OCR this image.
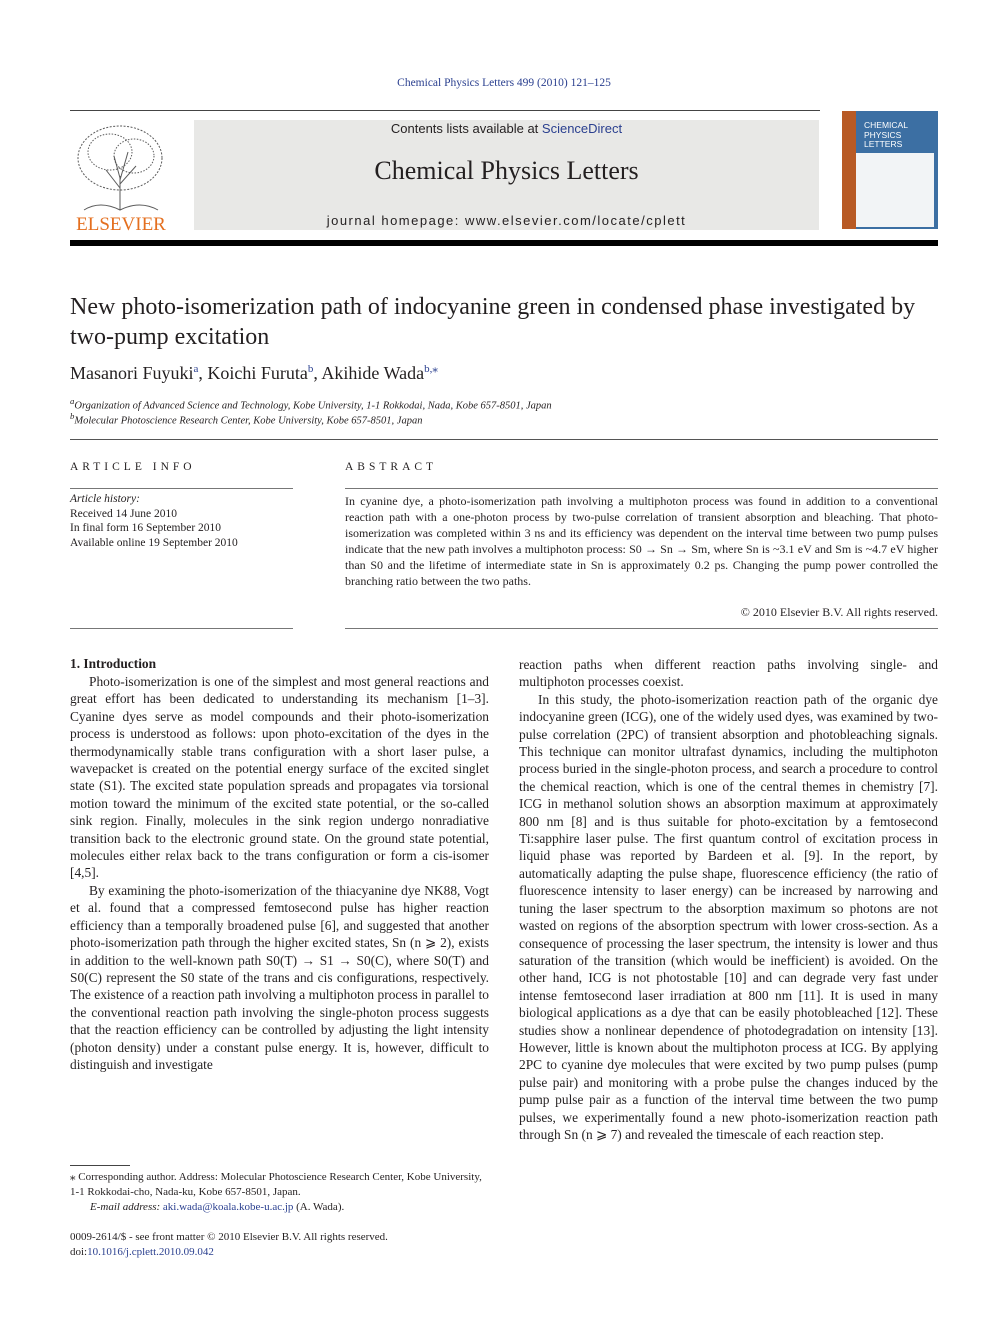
Chemical Physics Letters 499 (2010) 121–125
ELSEVIER
Contents lists available at ScienceDirect
Chemical Physics Letters
journal homepage: www.elsevier.com/locate/cplett
CHEMICAL
PHYSICS
LETTERS
New photo-isomerization path of indocyanine green in condensed phase investigated by two-pump excitation
Masanori Fuyuki$^a$, Koichi Furuta$^b$, Akihide Wada$^{b,⁎}$
$^a$Organization of Advanced Science and Technology, Kobe University, 1-1 Rokkodai, Nada, Kobe 657-8501, Japan
$^b$Molecular Photoscience Research Center, Kobe University, Kobe 657-8501, Japan
ARTICLE INFO	ABSTRACT
Article history:
Received 14 June 2010
In final form 16 September 2010
Available online 19 September 2010
In cyanine dye, a photo-isomerization path involving a multiphoton process was found in addition to a conventional reaction path with a one-photon process by two-pulse correlation of transient absorption and bleaching. That photo-isomerization was completed within 3 ns and its efficiency was dependent on the interval time between two pump pulses indicate that the new path involves a multiphoton process: S0 → Sn → Sm, where Sn is ~3.1 eV and Sm is ~4.7 eV higher than S0 and the lifetime of intermediate state in Sn is approximately 0.2 ps. Changing the pump power controlled the branching ratio between the two paths.
© 2010 Elsevier B.V. All rights reserved.
1. Introduction

Photo-isomerization is one of the simplest and most general reactions and great effort has been dedicated to understanding its mechanism [1–3]. Cyanine dyes serve as model compounds and their photo-isomerization process is understood as follows: upon photo-excitation of the dyes in the thermodynamically stable trans configuration with a short laser pulse, a wavepacket is created on the potential energy surface of the excited singlet state (S1). The excited state population spreads and propagates via torsional motion toward the minimum of the excited state potential, or the so-called sink region. Finally, molecules in the sink region undergo nonradiative transition back to the electronic ground state. On the ground state potential, molecules either relax back to the trans configuration or form a cis-isomer [4,5].

By examining the photo-isomerization of the thiacyanine dye NK88, Vogt et al. found that a compressed femtosecond pulse has higher reaction efficiency than a temporally broadened pulse [6], and suggested that another photo-isomerization path through the higher excited states, Sn (n ⩾ 2), exists in addition to the well-known path S0(T) → S1 → S0(C), where S0(T) and S0(C) represent the S0 state of the trans and cis configurations, respectively. The existence of a reaction path involving a multiphoton process in parallel to the conventional reaction path involving the single-photon process suggests that the reaction efficiency can be controlled by adjusting the light intensity (photon density) under a constant pulse energy. It is, however, difficult to distinguish and investigate

reaction paths when different reaction paths involving single- and multiphoton processes coexist.

In this study, the photo-isomerization reaction path of the organic dye indocyanine green (ICG), one of the widely used dyes, was examined by two-pulse correlation (2PC) of transient absorption and photobleaching signals. This technique can monitor ultrafast dynamics, including the multiphoton process buried in the single-photon process, and search a procedure to control the chemical reaction, which is one of the central themes in chemistry [7]. ICG in methanol solution shows an absorption maximum at approximately 800 nm [8] and is thus suitable for photo-excitation by a femtosecond Ti:sapphire laser pulse. The first quantum control of excitation process in liquid phase was reported by Bardeen et al. [9]. In the report, by automatically adapting the pulse shape, fluorescence efficiency (the ratio of fluorescence intensity to laser energy) can be increased by narrowing and tuning the laser spectrum to the absorption maximum so photons are not wasted on regions of the absorption spectrum with lower cross-section. As a consequence of processing the laser spectrum, the intensity is lower and thus saturation of the transition (which would be inefficient) is avoided. On the other hand, ICG is not photostable [10] and can degrade very fast under intense femtosecond laser irradiation at 800 nm [11]. It is used in many biological applications as a dye that can be easily photobleached [12]. These studies show a nonlinear dependence of photodegradation on intensity [13]. However, little is known about the multiphoton process at ICG. By applying 2PC to cyanine dye molecules that were excited by two pump pulses (pump pulse pair) and monitoring with a probe pulse the changes induced by the pump pulse pair as a function of the interval time between the two pump pulses, we experimentally found a new photo-isomerization reaction path through Sn (n ⩾ 7) and revealed the timescale of each reaction step.

⁎ Corresponding author. Address: Molecular Photoscience Research Center, Kobe University, 1-1 Rokkodai-cho, Nada-ku, Kobe 657-8501, Japan.
E-mail address: aki.wada@koala.kobe-u.ac.jp (A. Wada).
0009-2614/$ - see front matter © 2010 Elsevier B.V. All rights reserved.
doi:10.1016/j.cplett.2010.09.042
